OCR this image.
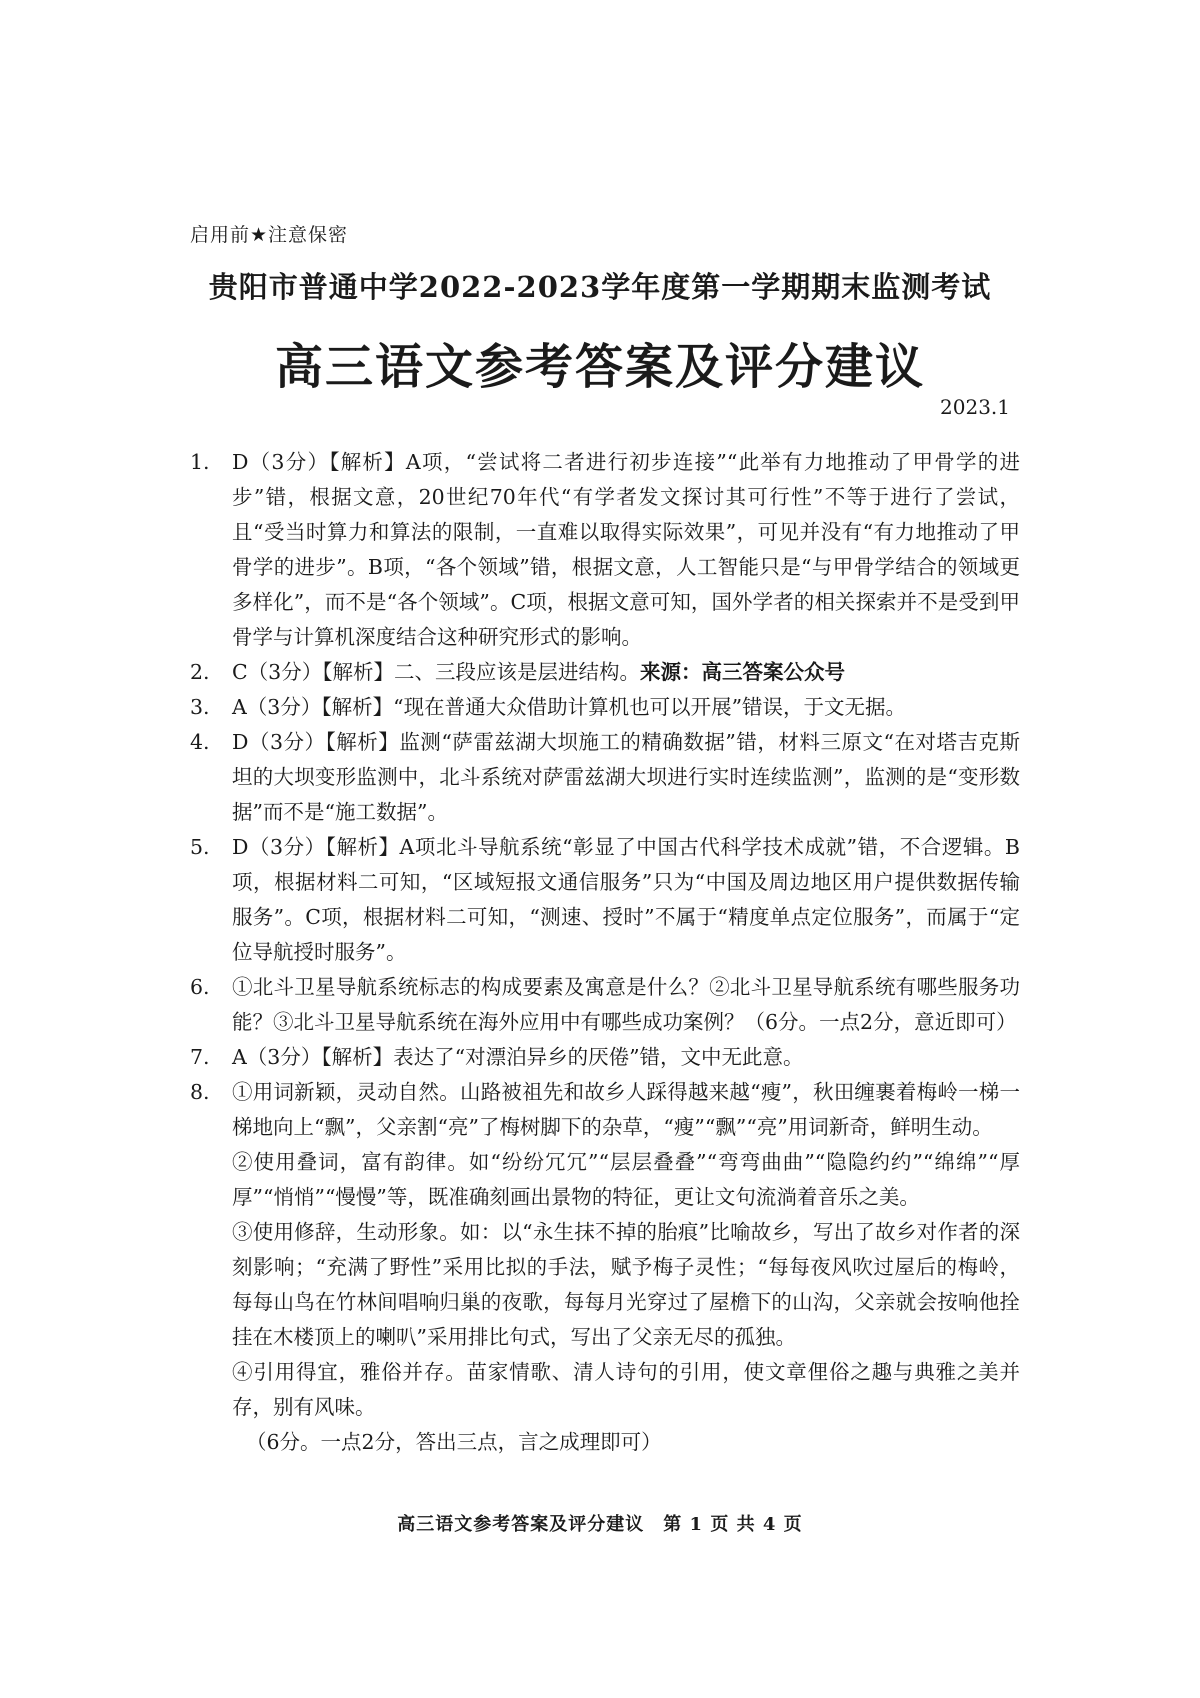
启用前★注意保密
贵阳市普通中学2022-2023学年度第一学期期末监测考试
高三语文参考答案及评分建议
2023.1
1.	D（3分）【解析】A项，“尝试将二者进行初步连接”“此举有力地推动了甲骨学的进步”错，根据文意，20世纪70年代“有学者发文探讨其可行性”不等于进行了尝试，且“受当时算力和算法的限制，一直难以取得实际效果”，可见并没有“有力地推动了甲骨学的进步”。B项，“各个领域”错，根据文意，人工智能只是“与甲骨学结合的领域更多样化”，而不是“各个领域”。C项，根据文意可知，国外学者的相关探索并不是受到甲骨学与计算机深度结合这种研究形式的影响。
2.	C（3分）【解析】二、三段应该是层进结构。来源：高三答案公众号
3.	A（3分）【解析】“现在普通大众借助计算机也可以开展”错误，于文无据。
4.	D（3分）【解析】监测“萨雷兹湖大坝施工的精确数据”错，材料三原文“在对塔吉克斯坦的大坝变形监测中，北斗系统对萨雷兹湖大坝进行实时连续监测”，监测的是“变形数据”而不是“施工数据”。
5.	D（3分）【解析】A项北斗导航系统“彰显了中国古代科学技术成就”错，不合逻辑。B项，根据材料二可知，“区域短报文通信服务”只为“中国及周边地区用户提供数据传输服务”。C项，根据材料二可知，“测速、授时”不属于“精度单点定位服务”，而属于“定位导航授时服务”。
6.	①北斗卫星导航系统标志的构成要素及寓意是什么？②北斗卫星导航系统有哪些服务功能？③北斗卫星导航系统在海外应用中有哪些成功案例？（6分。一点2分，意近即可）
7.	A（3分）【解析】表达了“对漂泊异乡的厌倦”错，文中无此意。
8.	①用词新颖，灵动自然。山路被祖先和故乡人踩得越来越“瘦”，秋田缠裹着梅岭一梯一梯地向上“飘”，父亲割“亮”了梅树脚下的杂草，“瘦”“飘”“亮”用词新奇，鲜明生动。
②使用叠词，富有韵律。如“纷纷冗冗”“层层叠叠”“弯弯曲曲”“隐隐约约”“绵绵”“厚厚”“悄悄”“慢慢”等，既准确刻画出景物的特征，更让文句流淌着音乐之美。
③使用修辞，生动形象。如：以“永生抹不掉的胎痕”比喻故乡，写出了故乡对作者的深刻影响；“充满了野性”采用比拟的手法，赋予梅子灵性；“每每夜风吹过屋后的梅岭，每每山鸟在竹林间唱响归巢的夜歌，每每月光穿过了屋檐下的山沟，父亲就会按响他拴挂在木楼顶上的喇叭”采用排比句式，写出了父亲无尽的孤独。
④引用得宜，雅俗并存。苗家情歌、清人诗句的引用，使文章俚俗之趣与典雅之美并存，别有风味。
（6分。一点2分，答出三点，言之成理即可）
高三语文参考答案及评分建议　第 1 页 共 4 页
